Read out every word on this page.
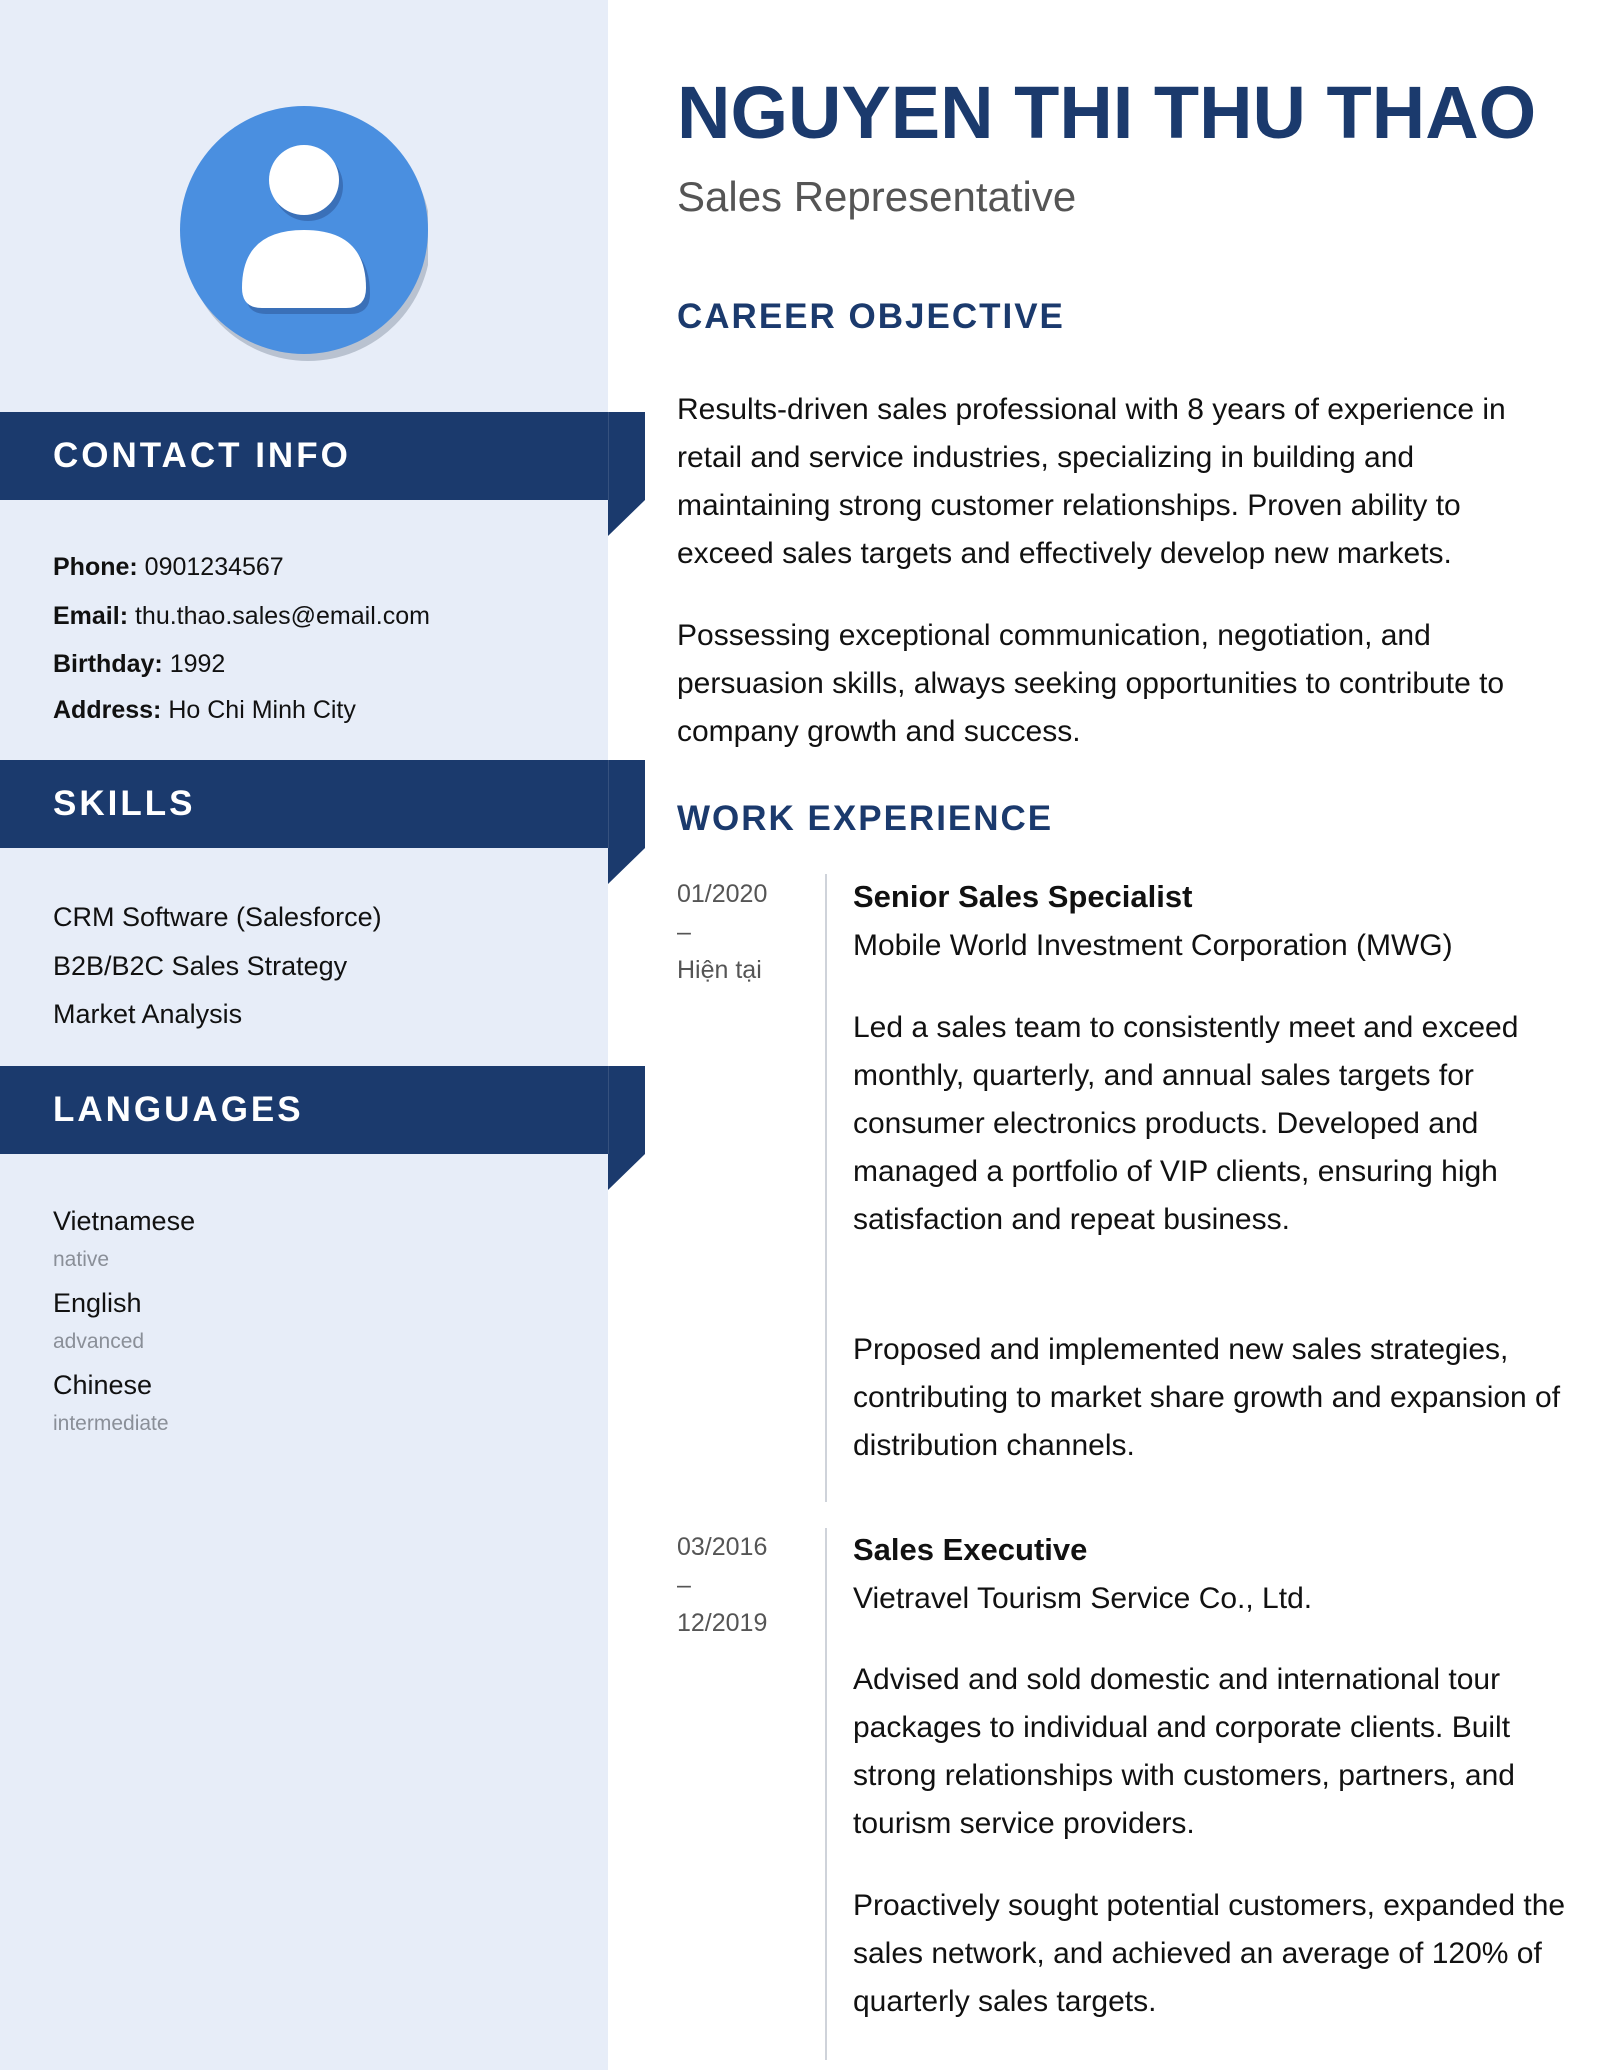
CONTACT INFO
Phone: 0901234567
Email: thu.thao.sales@email.com
Birthday: 1992
Address: Ho Chi Minh City
SKILLS
CRM Software (Salesforce)
B2B/B2C Sales Strategy
Market Analysis
LANGUAGES
Vietnamese
native
English
advanced
Chinese
intermediate
NGUYEN THI THU THAO
Sales Representative
CAREER OBJECTIVE

Results-driven sales professional with 8 years of experience in retail and service industries, specializing in building and maintaining strong customer relationships. Proven ability to exceed sales targets and effectively develop new markets.

Possessing exceptional communication, negotiation, and persuasion skills, always seeking opportunities to contribute to company growth and success.

WORK EXPERIENCE
01/2020
–
Hiện tại
Senior Sales Specialist
Mobile World Investment Corporation (MWG)

Led a sales team to consistently meet and exceed monthly, quarterly, and annual sales targets for consumer electronics products. Developed and managed a portfolio of VIP clients, ensuring high satisfaction and repeat business.

Proposed and implemented new sales strategies, contributing to market share growth and expansion of distribution channels.

03/2016
–
12/2019
Sales Executive
Vietravel Tourism Service Co., Ltd.

Advised and sold domestic and international tour packages to individual and corporate clients. Built strong relationships with customers, partners, and tourism service providers.

Proactively sought potential customers, expanded the sales network, and achieved an average of 120% of quarterly sales targets.
